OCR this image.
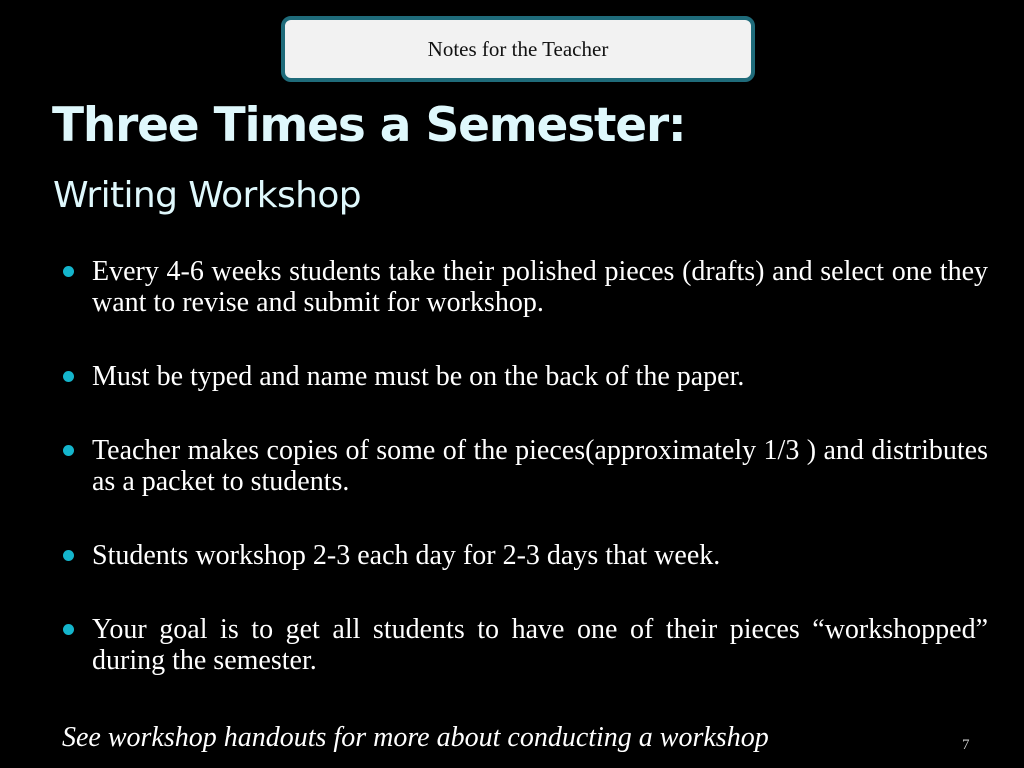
Notes for the Teacher
Three Times a Semester:
Writing Workshop
Every 4-6 weeks students take their polished pieces (drafts) and select one they want to revise and submit for workshop.
Must be typed and name must be on the back of the paper.
Teacher makes copies of some of the pieces(approximately 1/3 ) and distributes as a packet to students.
Students workshop 2-3 each day for 2-3 days that week.
Your goal is to get all students to have one of their pieces “workshopped” during the semester.
See workshop handouts for more about conducting a workshop	7
